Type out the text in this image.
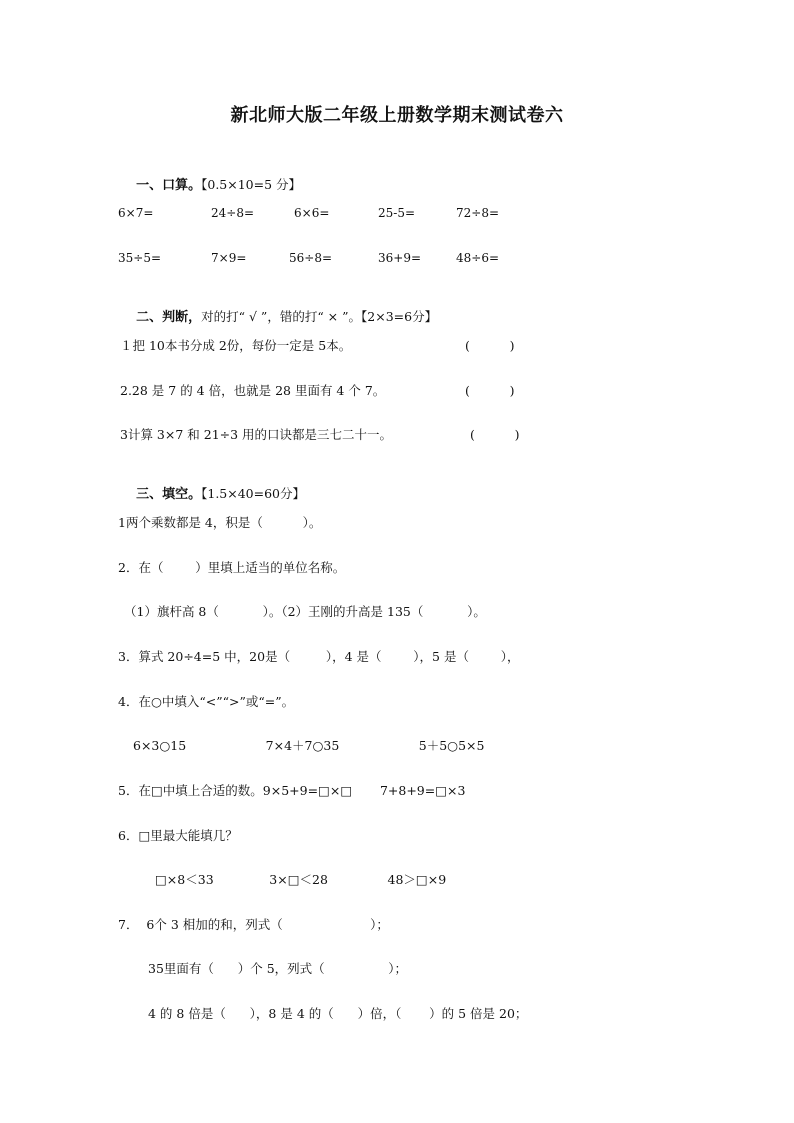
新北师大版二年级上册数学期末测试卷六

一、口算。【0.5×10=5 分】

6×7=	24÷8=	6×6=	25-5=	72÷8=
35÷5=	7×9=	56÷8=	36+9=	48÷6=

二、判断，对的打“ √ ”，错的打“ × ”。【2×3=6分】

１把 10本书分成 2份，每份一定是 5本。	(          )
2.28 是 7 的 4 倍，也就是 28 里面有 4 个 7。	(          )
3计算 3×7 和 21÷3 用的口诀都是三七二十一。	(          )

三、填空。【1.5×40=60分】

1两个乘数都是 4，积是（          ）。
2．在（        ）里填上适当的单位名称。
（1）旗杆高 8（           ）。（2）王刚的升高是 135（           ）。
3．算式 20÷4=5 中，20是（         ），4 是（        ），5 是（        ），
4．在○中填入“<”“>”或“=”。
6×3○15                    7×4＋7○35                    5＋5○5×5
5．在□中填上合适的数。9×5+9=□×□       7+8+9=□×3
6．□里最大能填几？
□×8＜33              3×□＜28               48＞□×9
7．  6个 3 相加的和，列式（                      ）；
35里面有（      ）个 5，列式（                ）；
4 的 8 倍是（      ），8 是 4 的（      ）倍，（       ）的 5 倍是 20；
